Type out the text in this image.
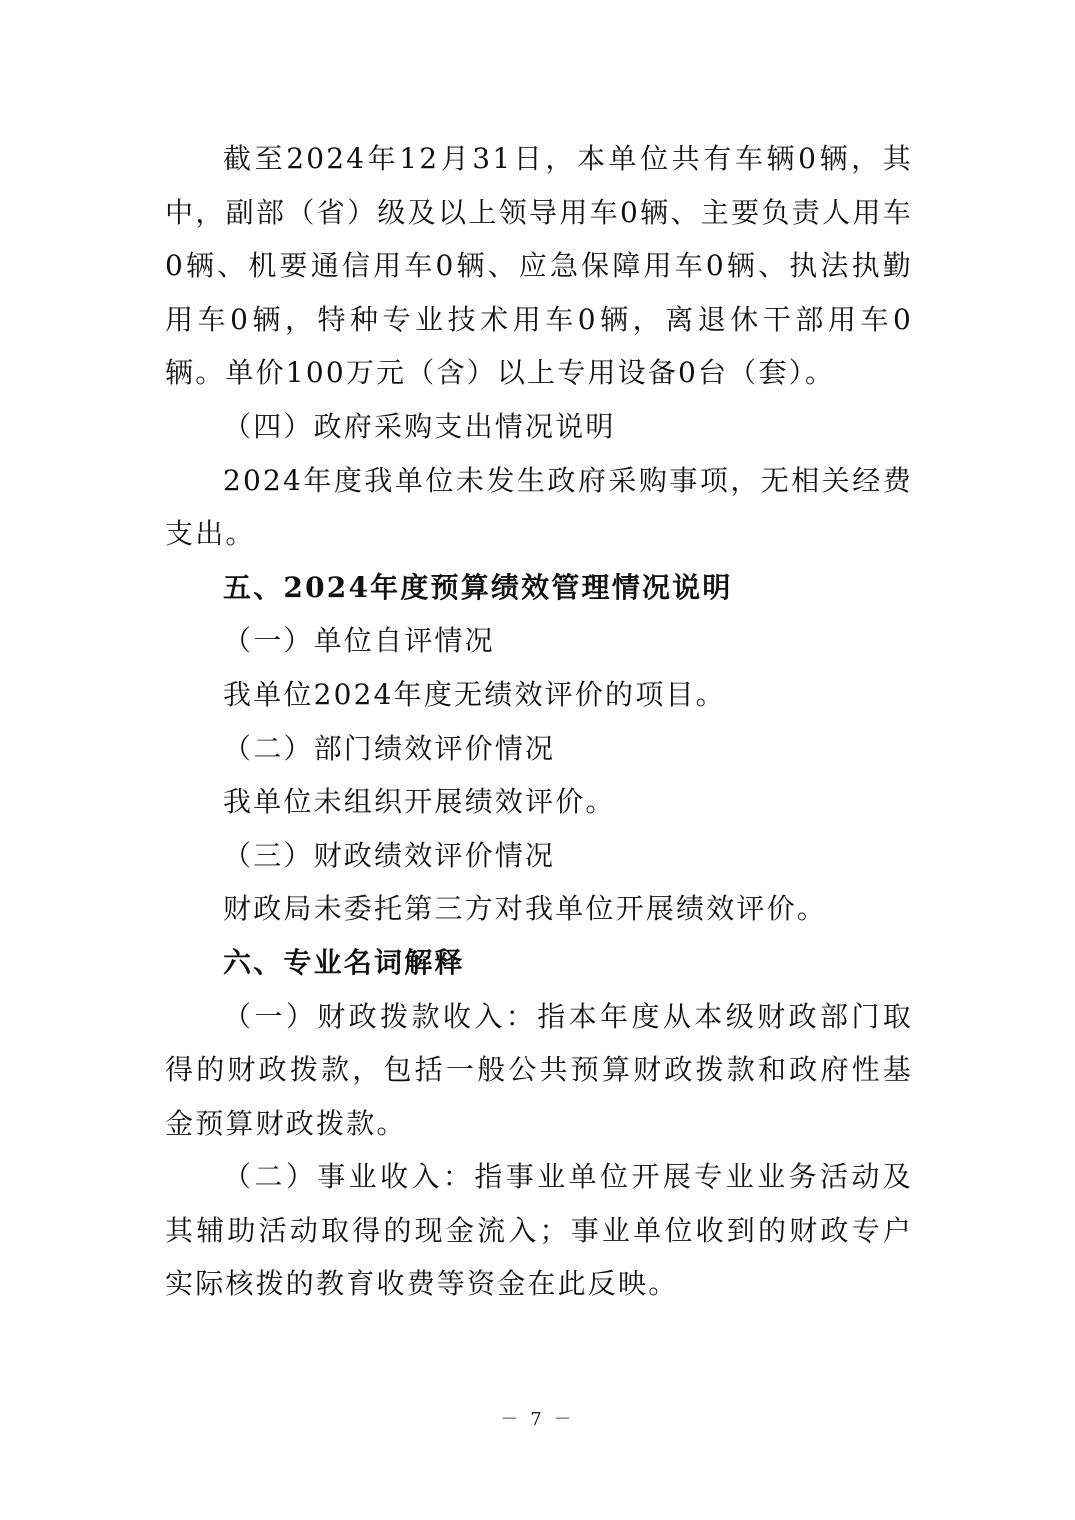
截至2024年12月31日，本单位共有车辆0辆，其中，副部（省）级及以上领导用车0辆、主要负责人用车0辆、机要通信用车0辆、应急保障用车0辆、执法执勤用车0辆，特种专业技术用车0辆，离退休干部用车0辆。单价100万元（含）以上专用设备0台（套）。

（四）政府采购支出情况说明

2024年度我单位未发生政府采购事项，无相关经费支出。

五、2024年度预算绩效管理情况说明

（一）单位自评情况

我单位2024年度无绩效评价的项目。

（二）部门绩效评价情况

我单位未组织开展绩效评价。

（三）财政绩效评价情况

财政局未委托第三方对我单位开展绩效评价。

六、专业名词解释

（一）财政拨款收入：指本年度从本级财政部门取得的财政拨款，包括一般公共预算财政拨款和政府性基金预算财政拨款。

（二）事业收入：指事业单位开展专业业务活动及其辅助活动取得的现金流入；事业单位收到的财政专户实际核拨的教育收费等资金在此反映。

－ 7 －
